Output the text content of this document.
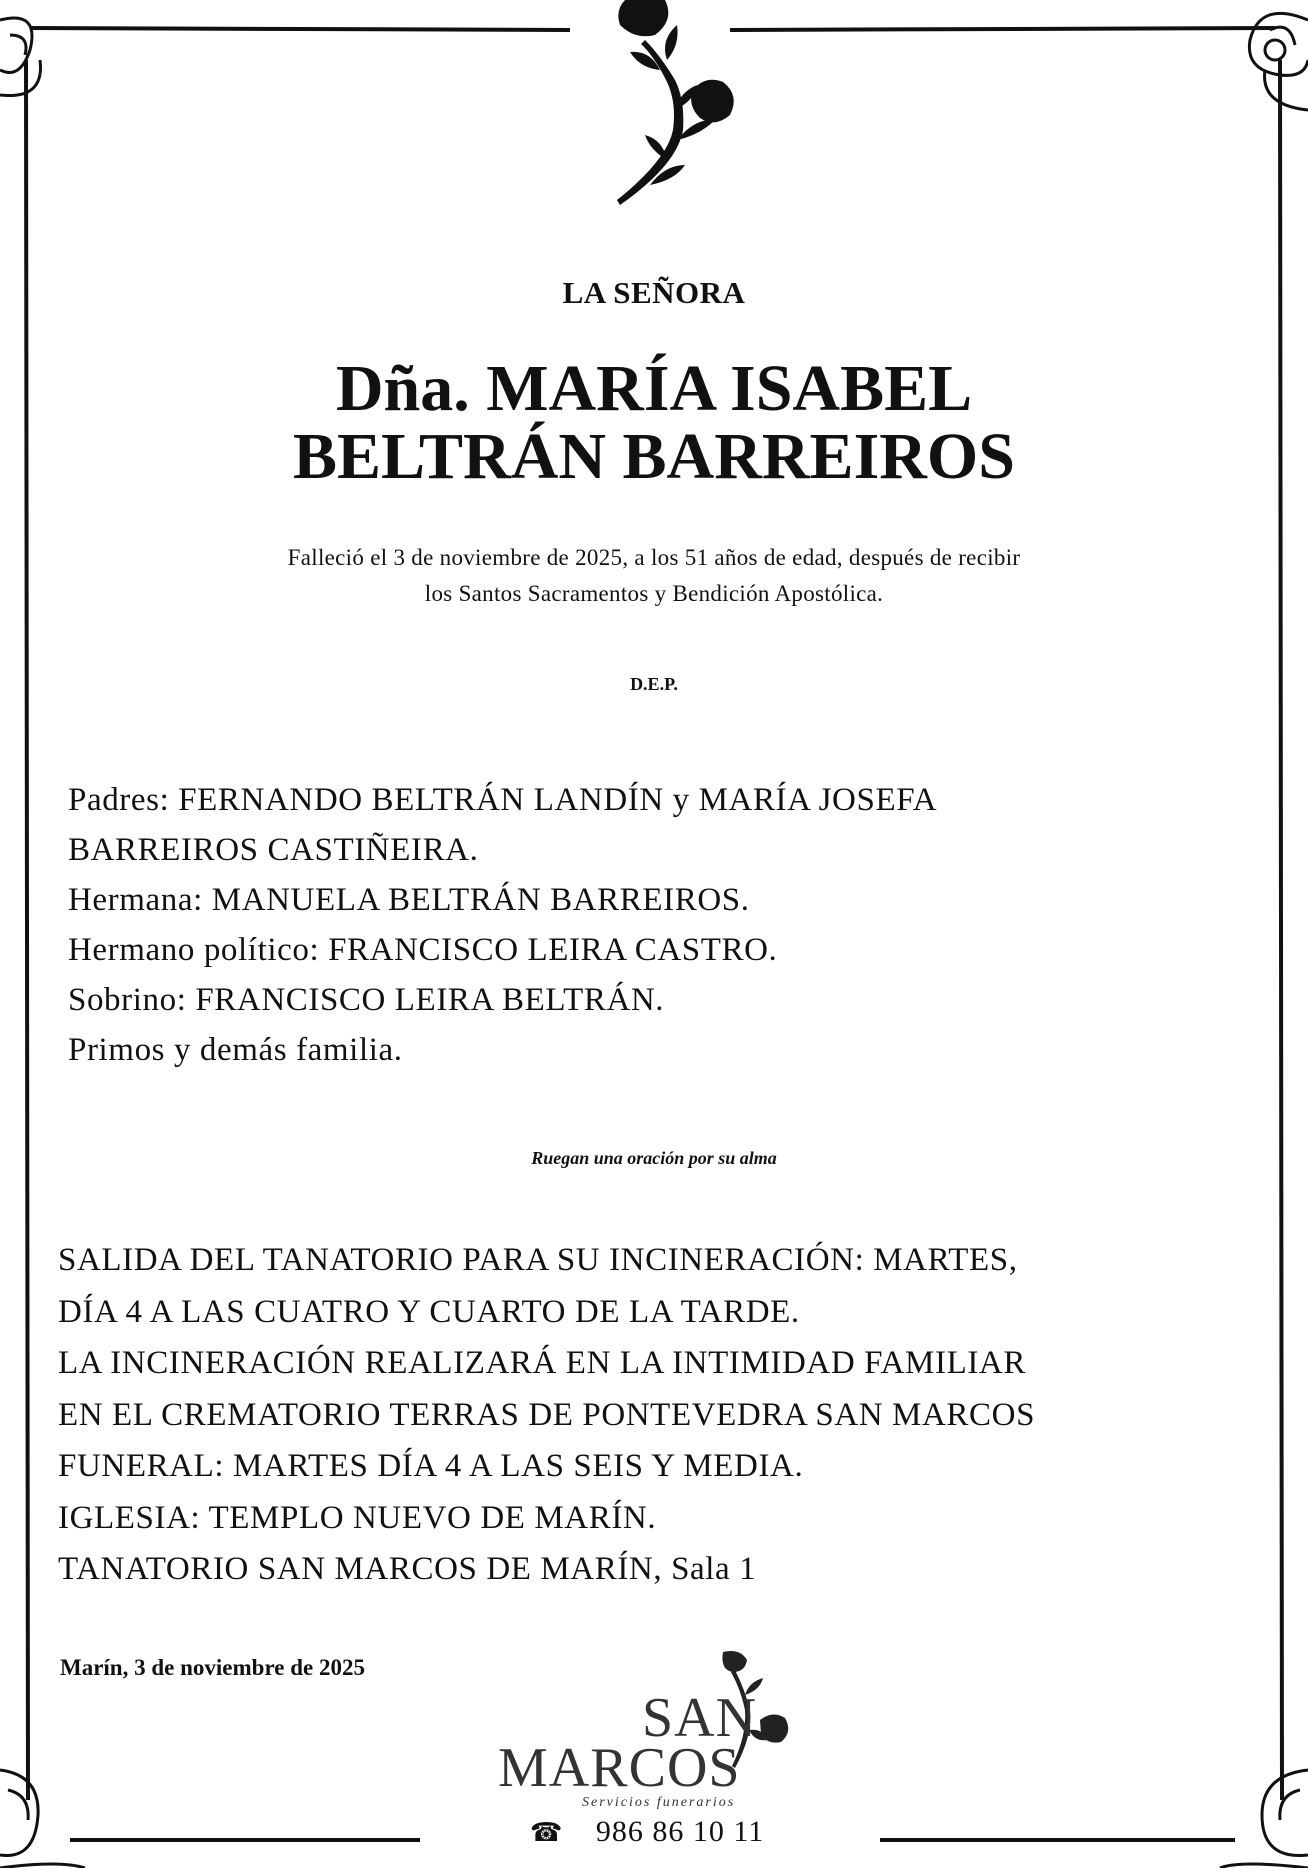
LA SEÑORA
Dña. MARÍA ISABEL
BELTRÁN BARREIROS
Falleció el 3 de noviembre de 2025, a los 51 años de edad, después de recibir
los Santos Sacramentos y Bendición Apostólica.
D.E.P.
Padres: FERNANDO BELTRÁN LANDÍN y MARÍA JOSEFA
BARREIROS CASTIÑEIRA.
Hermana: MANUELA BELTRÁN BARREIROS.
Hermano político: FRANCISCO LEIRA CASTRO.
Sobrino: FRANCISCO LEIRA BELTRÁN.
Primos y demás familia.
Ruegan una oración por su alma
SALIDA DEL TANATORIO PARA SU INCINERACIÓN: MARTES,
DÍA 4 A LAS CUATRO Y CUARTO DE LA TARDE.
LA INCINERACIÓN REALIZARÁ EN LA INTIMIDAD FAMILIAR
EN EL CREMATORIO TERRAS DE PONTEVEDRA SAN MARCOS
FUNERAL: MARTES DÍA 4 A LAS SEIS Y MEDIA.
IGLESIA: TEMPLO NUEVO DE MARÍN.
TANATORIO SAN MARCOS DE MARÍN, Sala 1
Marín, 3 de noviembre de 2025
SAN
MARCOS
Servicios funerarios
☎ 986 86 10 11
